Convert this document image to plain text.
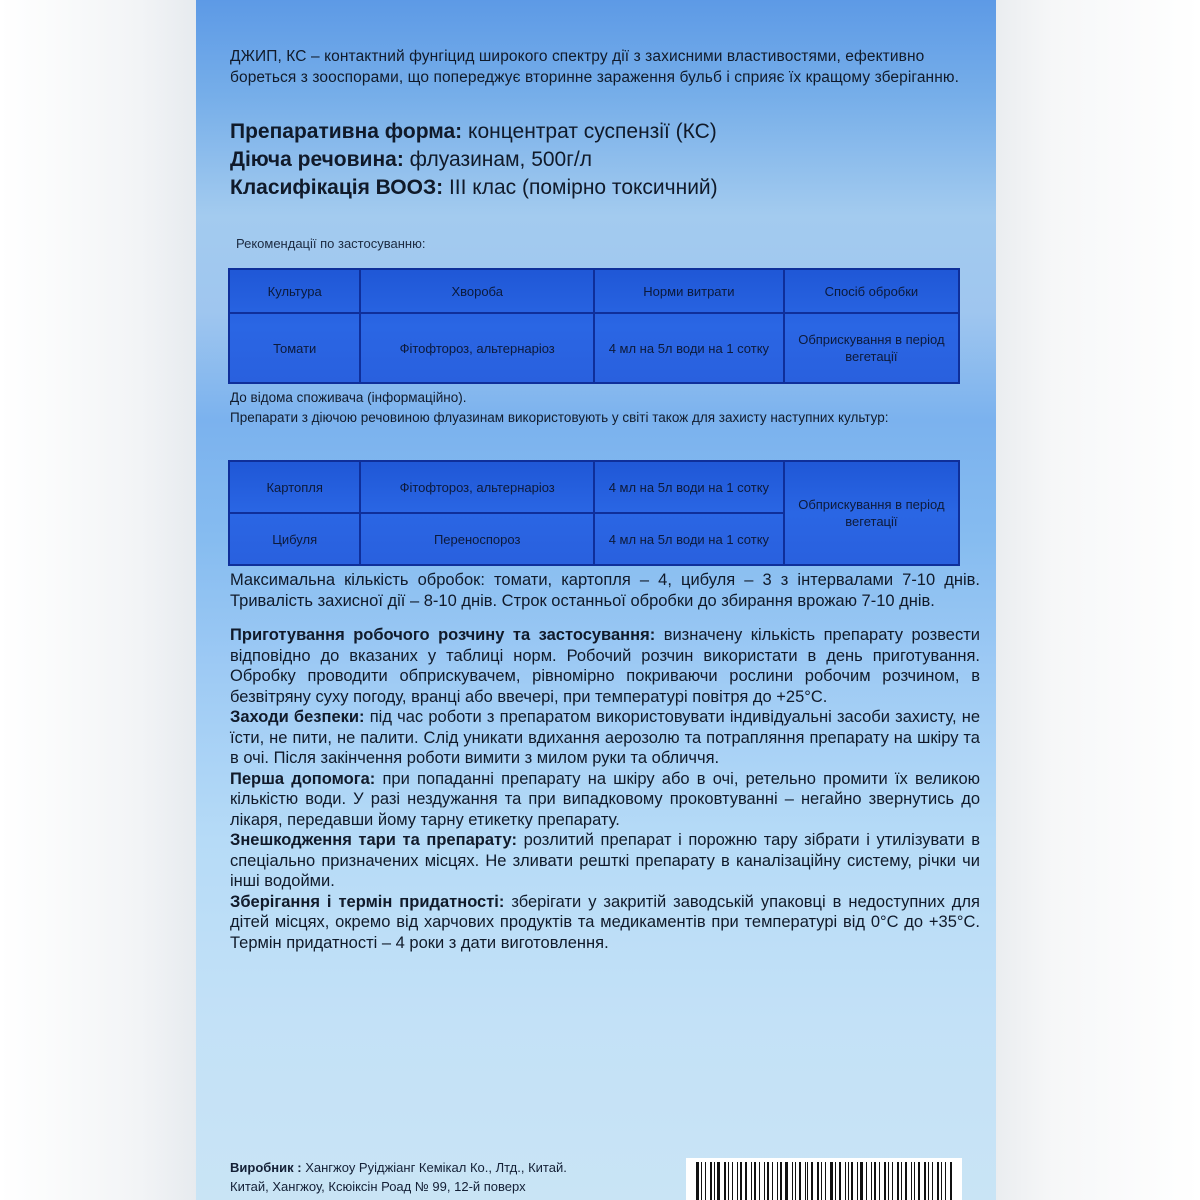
ДЖИП, КС – контактний фунгіцид широкого спектру дії з захисними властивостями, ефективно бореться з зооспорами, що попереджує вторинне зараження бульб і сприяє їх кращому зберіганню.
Препаративна форма: концентрат суспензії (КС)
Діюча речовина: флуазинам, 500г/л
Класифікація ВООЗ: III клас (помірно токсичний)
Рекомендації по застосуванню:
Культура	Хвороба	Норми витрати	Спосіб обробки
Томати	Фітофтороз, альтернаріоз	4 мл на 5л води на 1 сотку	Обприскування в період вегетації

До відома споживача (інформаційно).

Препарати з діючою речовиною флуазинам використовують у світі також для захисту наступних культур:

Картопля	Фітофтороз, альтернаріоз	4 мл на 5л води на 1 сотку	Обприскування в період вегетації
Цибуля	Переноспороз	4 мл на 5л води на 1 сотку	

Максимальна кількість обробок: томати, картопля – 4, цибуля – 3 з інтервалами 7-10 днів. Тривалість захисної дії – 8-10 днів. Строк останньої обробки до збирання врожаю 7-10 днів.

Приготування робочого розчину та застосування: визначену кількість препарату розвести відповідно до вказаних у таблиці норм. Робочий розчин використати в день приготування. Обробку проводити обприскувачем, рівномірно покриваючи рослини робочим розчином, в безвітряну суху погоду, вранці або ввечері, при температурі повітря до +25°С.

Заходи безпеки: під час роботи з препаратом використовувати індивідуальні засоби захисту, не їсти, не пити, не палити. Слід уникати вдихання аерозолю та потрапляння препарату на шкіру та в очі. Після закінчення роботи вимити з милом руки та обличчя.

Перша допомога: при попаданні препарату на шкіру або в очі, ретельно промити їх великою кількістю води. У разі нездужання та при випадковому проковтуванні – негайно звернутись до лікаря, передавши йому тарну етикетку препарату.

Знешкодження тари та препарату: розлитий препарат і порожню тару зібрати і утилізувати в спеціально призначених місцях. Не зливати решткі препарату в каналізаційну систему, річки чи інші водойми.

Зберігання і термін придатності: зберігати у закритій заводській упаковці в недоступних для дітей місцях, окремо від харчових продуктів та медикаментів при температурі від 0°С до +35°С. Термін придатності – 4 роки з дати виготовлення.

Виробник : Хангжоу Руіджіанг Кемікал Ко., Лтд., Китай.
Китай, Хангжоу, Ксюіксін Роад № 99, 12-й поверх
